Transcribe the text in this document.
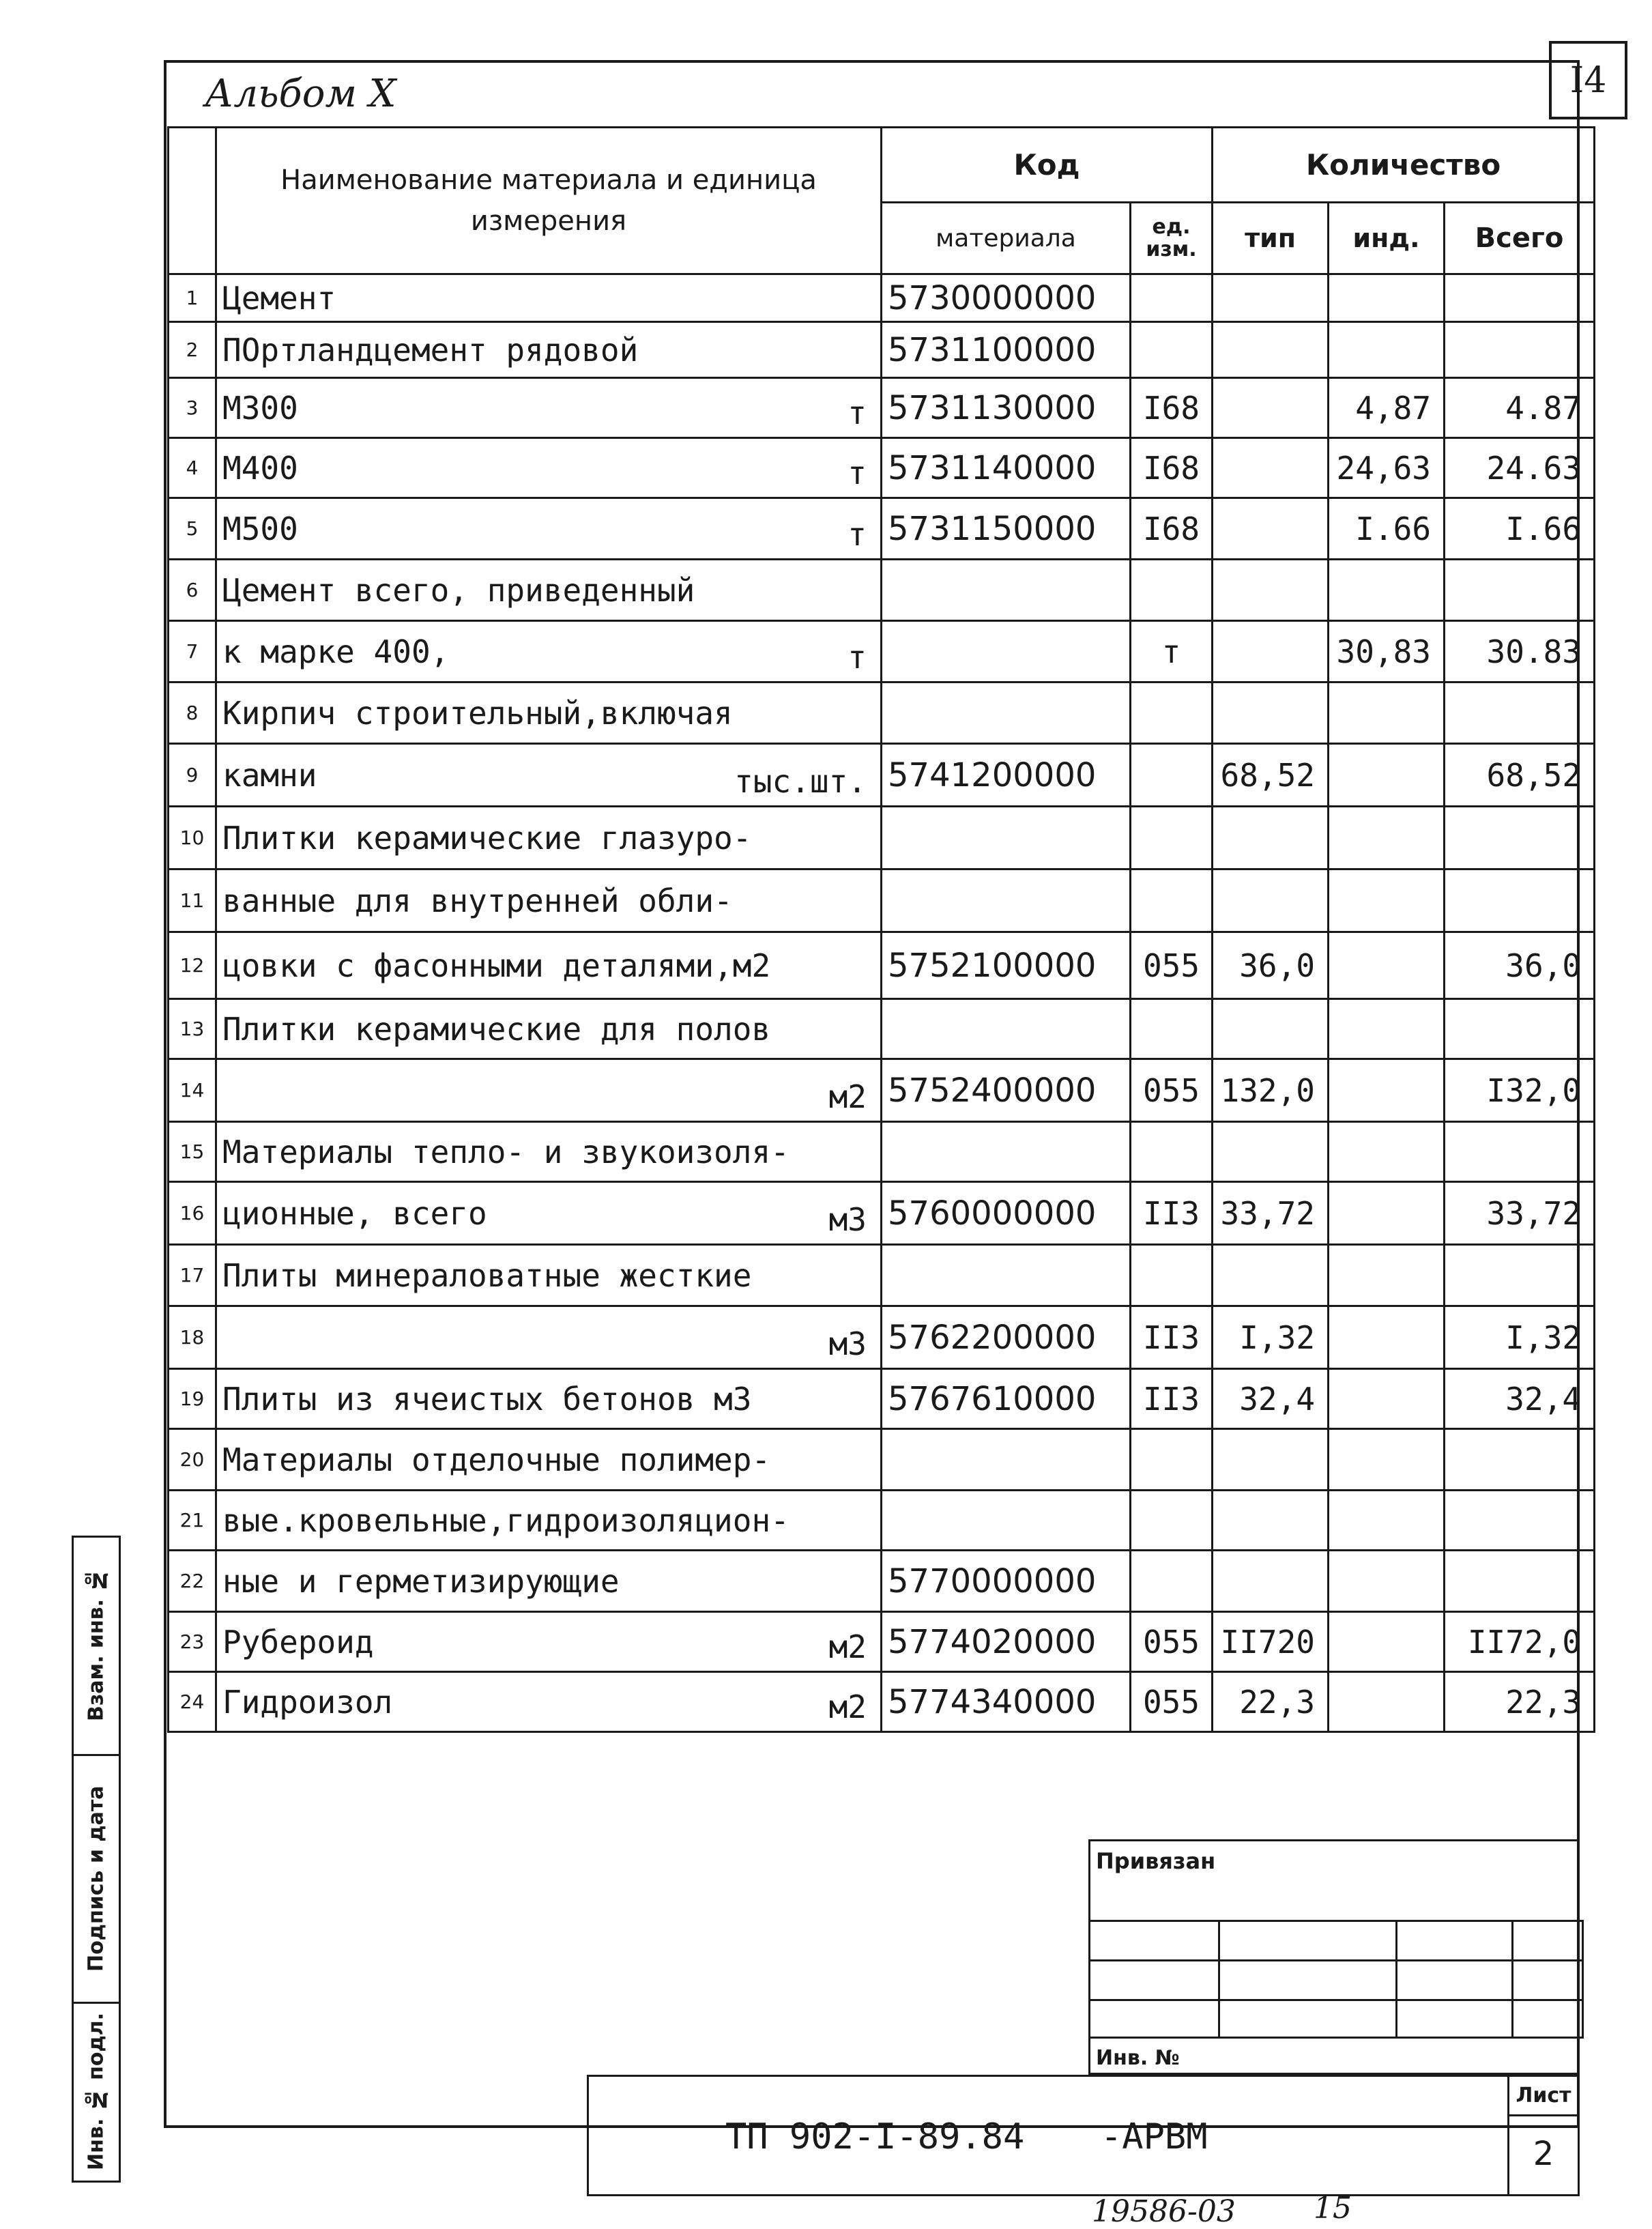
I4
Альбом X
	Наименование материала и единица измерения	Код		Количество		
		материала	ед. изм.	тип	инд.	Всего
1	Цемент	5730000000				
2	ПОртландцемент рядовой	5731100000				
3	М300 т	5731130000	I68		4,87	4.87
4	М400 т	5731140000	I68		24,63	24.63
5	М500 т	5731150000	I68		I.66	I.66
6	Цемент всего, приведенный

7	к марке 400, т		т		30,83	30.83
8	Кирпич строительный,включая

9	камни тыс.шт.	5741200000		68,52		68,52
10	Плитки керамические глазуро-

11	ванные для внутренней обли-

12	цовки с фасонными деталями,м2	5752100000	055	36,0		36,0
13	Плитки керамические для полов

14	м2	5752400000	055	132,0		I32,0
15	Материалы тепло- и звукоизоля-

16	ционные, всего м3	5760000000	II3	33,72		33,72
17	Плиты минераловатные жесткие

18	м3	5762200000	II3	I,32		I,32
19	Плиты из ячеистых бетонов м3	5767610000	II3	32,4		32,4
20	Материалы отделочные полимер-

21	вые.кровельные,гидроизоляцион-

22	ные и герметизирующие	5770000000				
23	Рубероид м2	5774020000	055	II720		II72,0
24	Гидроизол м2	5774340000	055	22,3		22,3

Инв. № подл.
Подпись и дата
Взам. инв. №
Привязан

Инв. №
ТП 902-I-89.84 -АРВМ
Лист
2
19586-03	15
